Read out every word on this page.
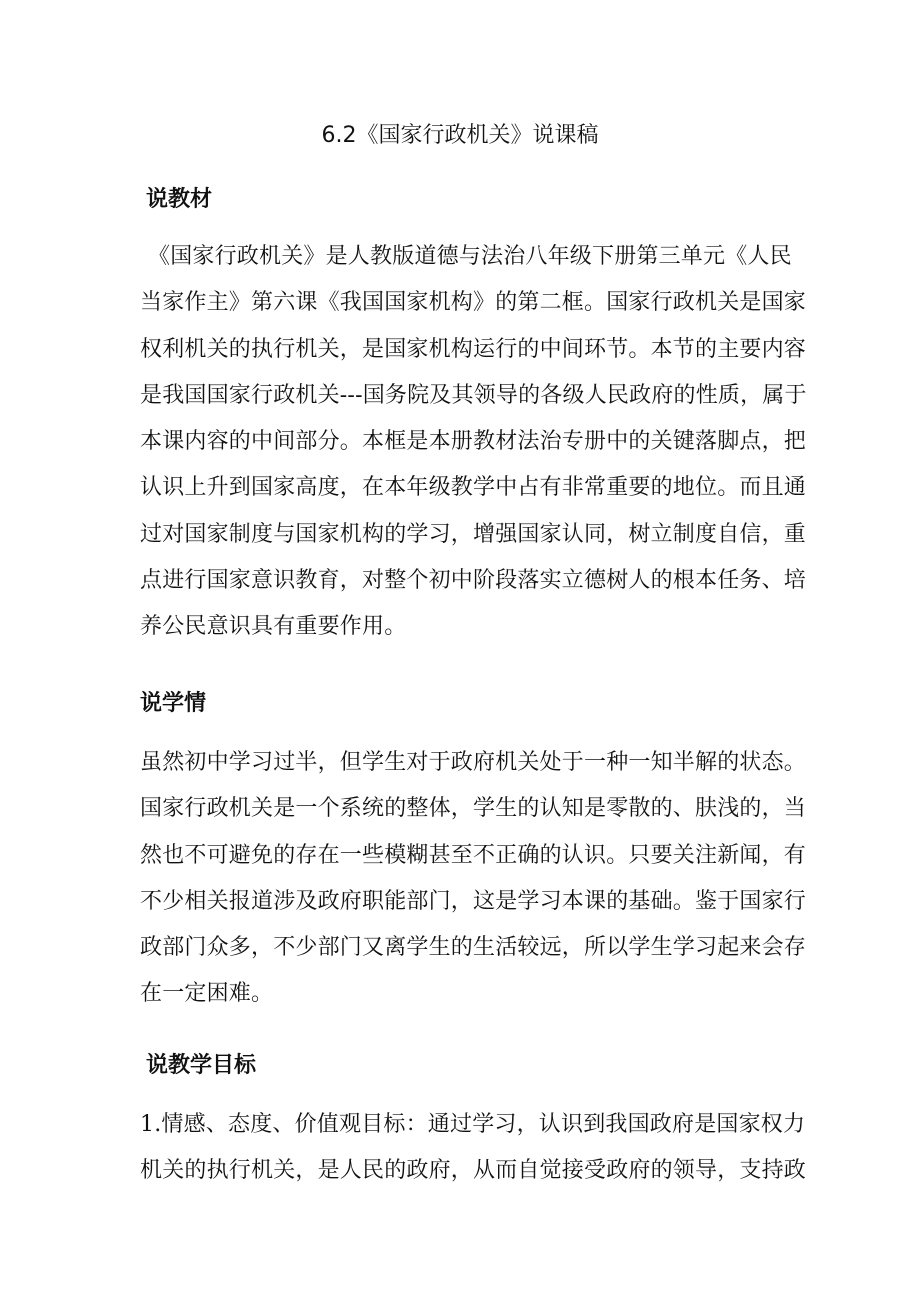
6.2《国家行政机关》说课稿
说教材
《国家行政机关》是人教版道德与法治八年级下册第三单元《人民
当家作主》第六课《我国国家机构》的第二框。国家行政机关是国家
权利机关的执行机关，是国家机构运行的中间环节。本节的主要内容
是我国国家行政机关---国务院及其领导的各级人民政府的性质，属于
本课内容的中间部分。本框是本册教材法治专册中的关键落脚点，把
认识上升到国家高度，在本年级教学中占有非常重要的地位。而且通
过对国家制度与国家机构的学习，增强国家认同，树立制度自信，重
点进行国家意识教育，对整个初中阶段落实立德树人的根本任务、培
养公民意识具有重要作用。
说学情
虽然初中学习过半，但学生对于政府机关处于一种一知半解的状态。
国家行政机关是一个系统的整体，学生的认知是零散的、肤浅的，当
然也不可避免的存在一些模糊甚至不正确的认识。只要关注新闻，有
不少相关报道涉及政府职能部门，这是学习本课的基础。鉴于国家行
政部门众多，不少部门又离学生的生活较远，所以学生学习起来会存
在一定困难。
说教学目标
1.情感、态度、价值观目标：通过学习，认识到我国政府是国家权力
机关的执行机关，是人民的政府，从而自觉接受政府的领导，支持政
